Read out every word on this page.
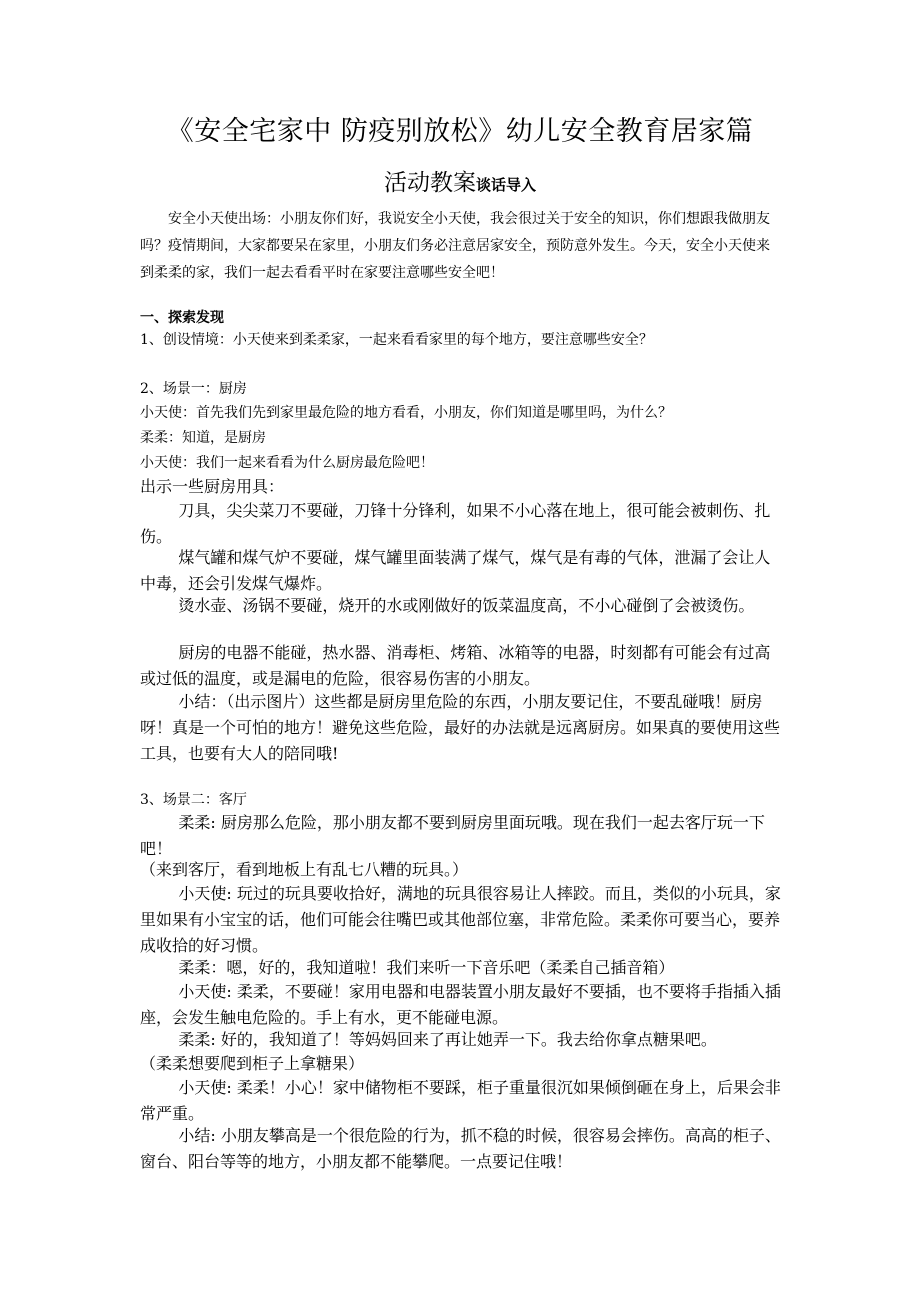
《安全宅家中 防疫别放松》幼儿安全教育居家篇
活动教案谈话导入
安全小天使出场：小朋友你们好，我说安全小天使，我会很过关于安全的知识，你们想跟我做朋友吗？疫情期间，大家都要呆在家里，小朋友们务必注意居家安全，预防意外发生。今天，安全小天使来到柔柔的家，我们一起去看看平时在家要注意哪些安全吧！
一、探索发现
1、创设情境：小天使来到柔柔家，一起来看看家里的每个地方，要注意哪些安全？
2、场景一：厨房
小天使：首先我们先到家里最危险的地方看看，小朋友，你们知道是哪里吗，为什么？
柔柔：知道，是厨房
小天使：我们一起来看看为什么厨房最危险吧！
出示一些厨房用具：
刀具，尖尖菜刀不要碰，刀锋十分锋利，如果不小心落在地上，很可能会被刺伤、扎伤。
煤气罐和煤气炉不要碰，煤气罐里面装满了煤气，煤气是有毒的气体，泄漏了会让人中毒，还会引发煤气爆炸。
烫水壶、汤锅不要碰，烧开的水或刚做好的饭菜温度高，不小心碰倒了会被烫伤。
厨房的电器不能碰，热水器、消毒柜、烤箱、冰箱等的电器，时刻都有可能会有过高或过低的温度，或是漏电的危险，很容易伤害的小朋友。
小结：（出示图片）这些都是厨房里危险的东西，小朋友要记住，不要乱碰哦！厨房呀！真是一个可怕的地方！避免这些危险，最好的办法就是远离厨房。如果真的要使用这些工具，也要有大人的陪同哦!
3、场景二：客厅
柔柔: 厨房那么危险，那小朋友都不要到厨房里面玩哦。现在我们一起去客厅玩一下吧！
（来到客厅，看到地板上有乱七八糟的玩具。）
小天使: 玩过的玩具要收拾好，满地的玩具很容易让人摔跤。而且，类似的小玩具，家里如果有小宝宝的话，他们可能会往嘴巴或其他部位塞，非常危险。柔柔你可要当心，要养成收拾的好习惯。
柔柔：嗯，好的，我知道啦！我们来听一下音乐吧（柔柔自己插音箱）
小天使: 柔柔，不要碰！家用电器和电器装置小朋友最好不要插，也不要将手指插入插座，会发生触电危险的。手上有水，更不能碰电源。
柔柔: 好的，我知道了！等妈妈回来了再让她弄一下。我去给你拿点糖果吧。
（柔柔想要爬到柜子上拿糖果）
小天使: 柔柔！小心！家中储物柜不要踩，柜子重量很沉如果倾倒砸在身上，后果会非常严重。
小结: 小朋友攀高是一个很危险的行为，抓不稳的时候，很容易会摔伤。高高的柜子、窗台、阳台等等的地方，小朋友都不能攀爬。一点要记住哦！
